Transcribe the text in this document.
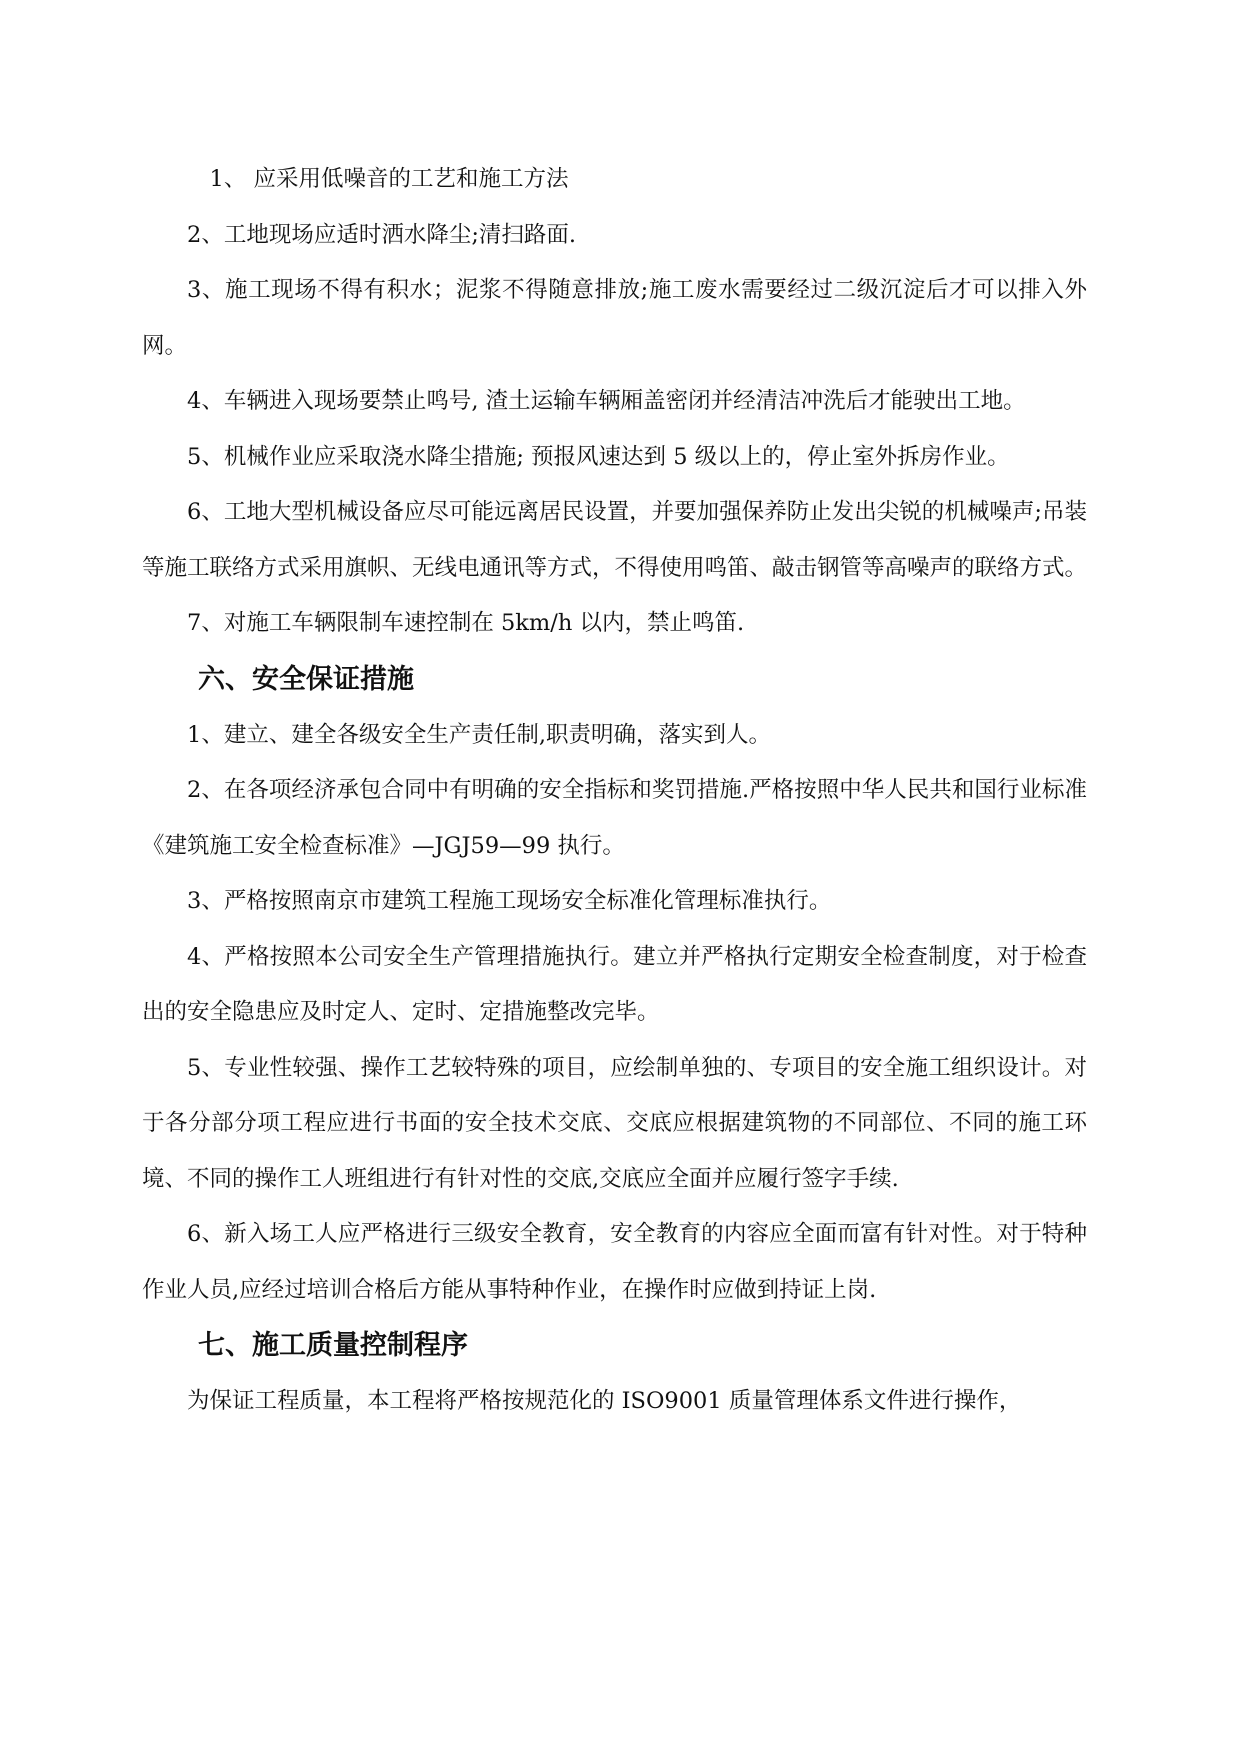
1、 应采用低噪音的工艺和施工方法

2、工地现场应适时洒水降尘;清扫路面.

3、施工现场不得有积水；泥浆不得随意排放;施工废水需要经过二级沉淀后才可以排入外网。

4、车辆进入现场要禁止鸣号, 渣土运输车辆厢盖密闭并经清洁冲洗后才能驶出工地。

5、机械作业应采取浇水降尘措施; 预报风速达到 5 级以上的，停止室外拆房作业。

6、工地大型机械设备应尽可能远离居民设置，并要加强保养防止发出尖锐的机械噪声;吊装等施工联络方式采用旗帜、无线电通讯等方式，不得使用鸣笛、敲击钢管等高噪声的联络方式。

7、对施工车辆限制车速控制在 5km/h 以内，禁止鸣笛.

六、安全保证措施

1、建立、建全各级安全生产责任制,职责明确，落实到人。

2、在各项经济承包合同中有明确的安全指标和奖罚措施.严格按照中华人民共和国行业标准《建筑施工安全检查标准》—JGJ59—99 执行。

3、严格按照南京市建筑工程施工现场安全标准化管理标准执行。

4、严格按照本公司安全生产管理措施执行。建立并严格执行定期安全检查制度，对于检查出的安全隐患应及时定人、定时、定措施整改完毕。

5、专业性较强、操作工艺较特殊的项目，应绘制单独的、专项目的安全施工组织设计。对于各分部分项工程应进行书面的安全技术交底、交底应根据建筑物的不同部位、不同的施工环境、不同的操作工人班组进行有针对性的交底,交底应全面并应履行签字手续.

6、新入场工人应严格进行三级安全教育，安全教育的内容应全面而富有针对性。对于特种作业人员,应经过培训合格后方能从事特种作业，在操作时应做到持证上岗.

七、施工质量控制程序

为保证工程质量，本工程将严格按规范化的 ISO9001 质量管理体系文件进行操作，
